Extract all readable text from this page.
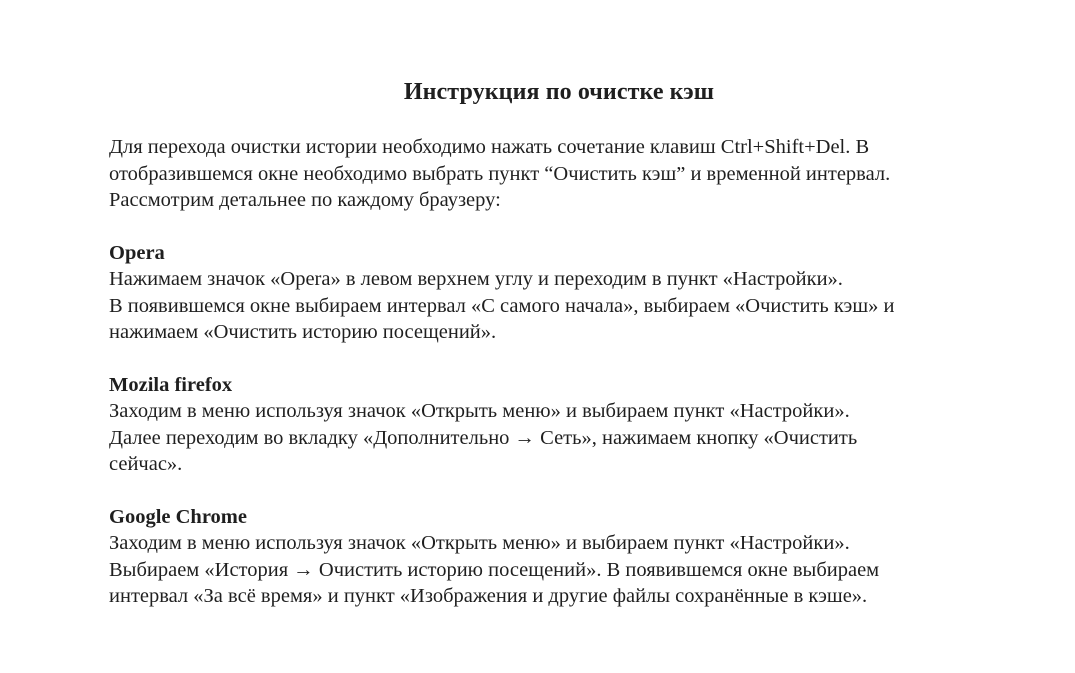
Инструкция по очистке кэш

Для перехода очистки истории необходимо нажать сочетание клавиш Ctrl+Shift+Del. В
отобразившемся окне необходимо выбрать пункт “Очистить кэш” и временной интервал.
Рассмотрим детальнее по каждому браузеру:

Opera

Нажимаем значок «Opera» в левом верхнем углу и переходим в пункт «Настройки».
В появившемся окне выбираем интервал «С самого начала», выбираем «Очистить кэш» и
нажимаем «Очистить историю посещений».

Mozila firefox

Заходим в меню используя значок «Открыть меню» и выбираем пункт «Настройки».
Далее переходим во вкладку «Дополнительно → Сеть», нажимаем кнопку «Очистить
сейчас».

Google Chrome

Заходим в меню используя значок «Открыть меню» и выбираем пункт «Настройки».
Выбираем «История → Очистить историю посещений». В появившемся окне выбираем
интервал «За всё время» и пункт «Изображения и другие файлы сохранённые в кэше».
